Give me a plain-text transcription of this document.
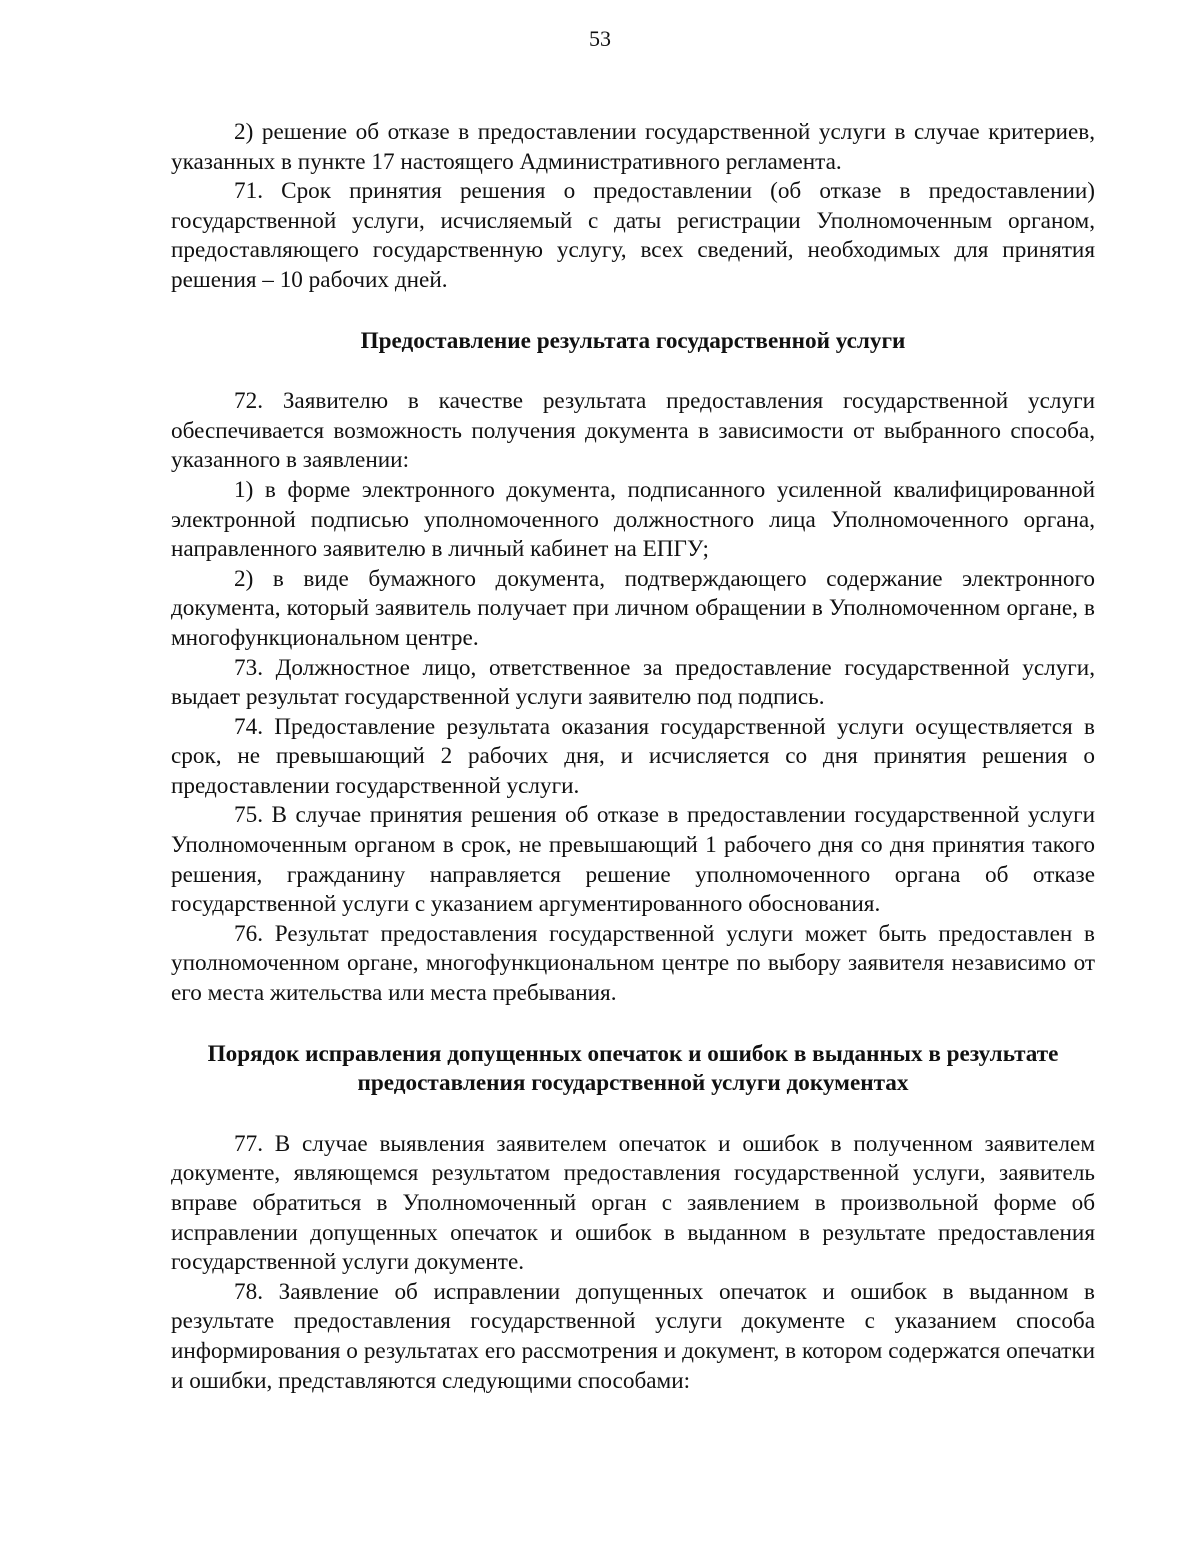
53

2) решение об отказе в предоставлении государственной услуги в случае критериев, указанных в пункте 17 настоящего Административного регламента.

71. Срок принятия решения о предоставлении (об отказе в предоставлении) государственной услуги, исчисляемый с даты регистрации Уполномоченным органом, предоставляющего государственную услугу, всех сведений, необходимых для принятия решения – 10 рабочих дней.

Предоставление результата государственной услуги

72. Заявителю в качестве результата предоставления государственной услуги обеспечивается возможность получения документа в зависимости от выбранного способа, указанного в заявлении:

1) в форме электронного документа, подписанного усиленной квалифицированной электронной подписью уполномоченного должностного лица Уполномоченного органа, направленного заявителю в личный кабинет на ЕПГУ;

2) в виде бумажного документа, подтверждающего содержание электронного документа, который заявитель получает при личном обращении в Уполномоченном органе, в многофункциональном центре.

73. Должностное лицо, ответственное за предоставление государственной услуги, выдает результат государственной услуги заявителю под подпись.

74. Предоставление результата оказания государственной услуги осуществляется в срок, не превышающий 2 рабочих дня, и исчисляется со дня принятия решения о предоставлении государственной услуги.

75. В случае принятия решения об отказе в предоставлении государственной услуги Уполномоченным органом в срок, не превышающий 1 рабочего дня со дня принятия такого решения, гражданину направляется решение уполномоченного органа об отказе государственной услуги с указанием аргументированного обоснования.

76. Результат предоставления государственной услуги может быть предоставлен в уполномоченном органе, многофункциональном центре по выбору заявителя независимо от его места жительства или места пребывания.

Порядок исправления допущенных опечаток и ошибок в выданных в результате предоставления государственной услуги документах

77. В случае выявления заявителем опечаток и ошибок в полученном заявителем документе, являющемся результатом предоставления государственной услуги, заявитель вправе обратиться в Уполномоченный орган с заявлением в произвольной форме об исправлении допущенных опечаток и ошибок в выданном в результате предоставления государственной услуги документе.

78. Заявление об исправлении допущенных опечаток и ошибок в выданном в результате предоставления государственной услуги документе с указанием способа информирования о результатах его рассмотрения и документ, в котором содержатся опечатки и ошибки, представляются следующими способами:
